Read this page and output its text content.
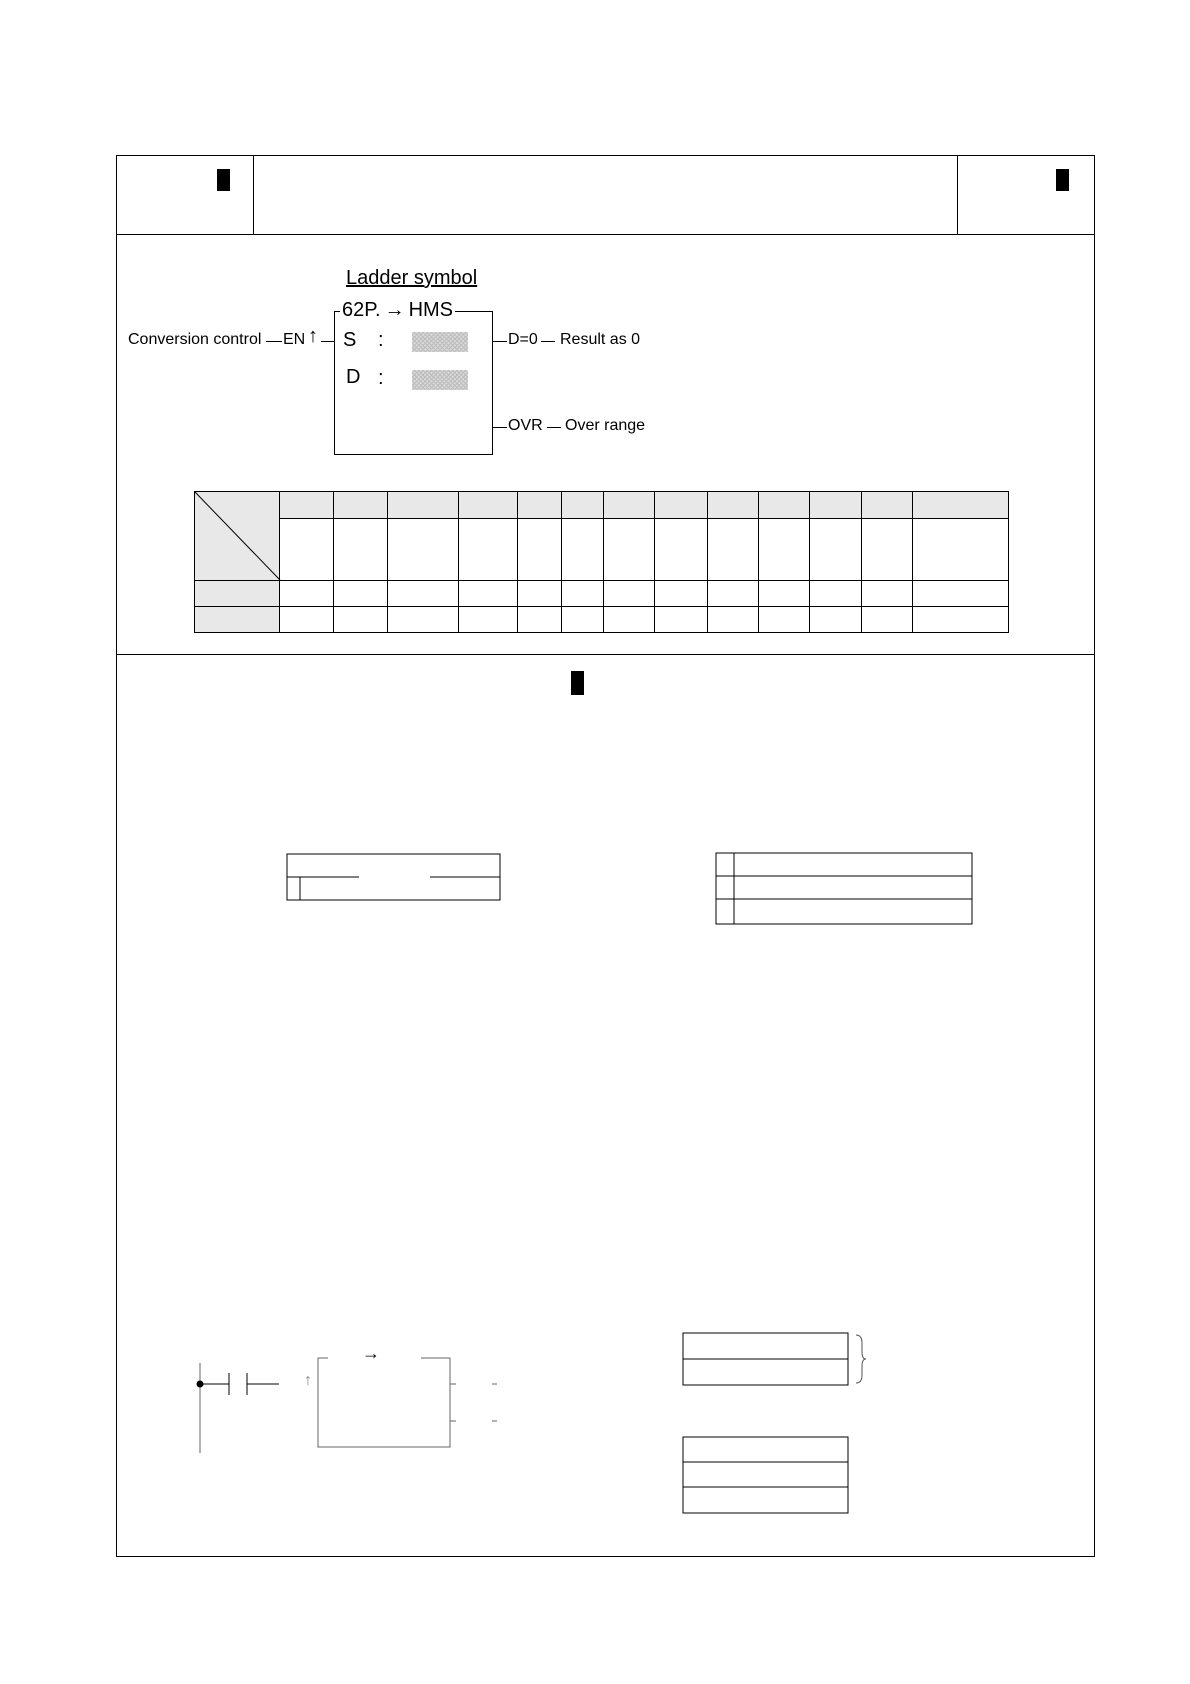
Ladder symbol
62P. → HMS
Conversion control EN ↑ S :
D :
D=0 Result as 0
OVR Over range

→
↑
